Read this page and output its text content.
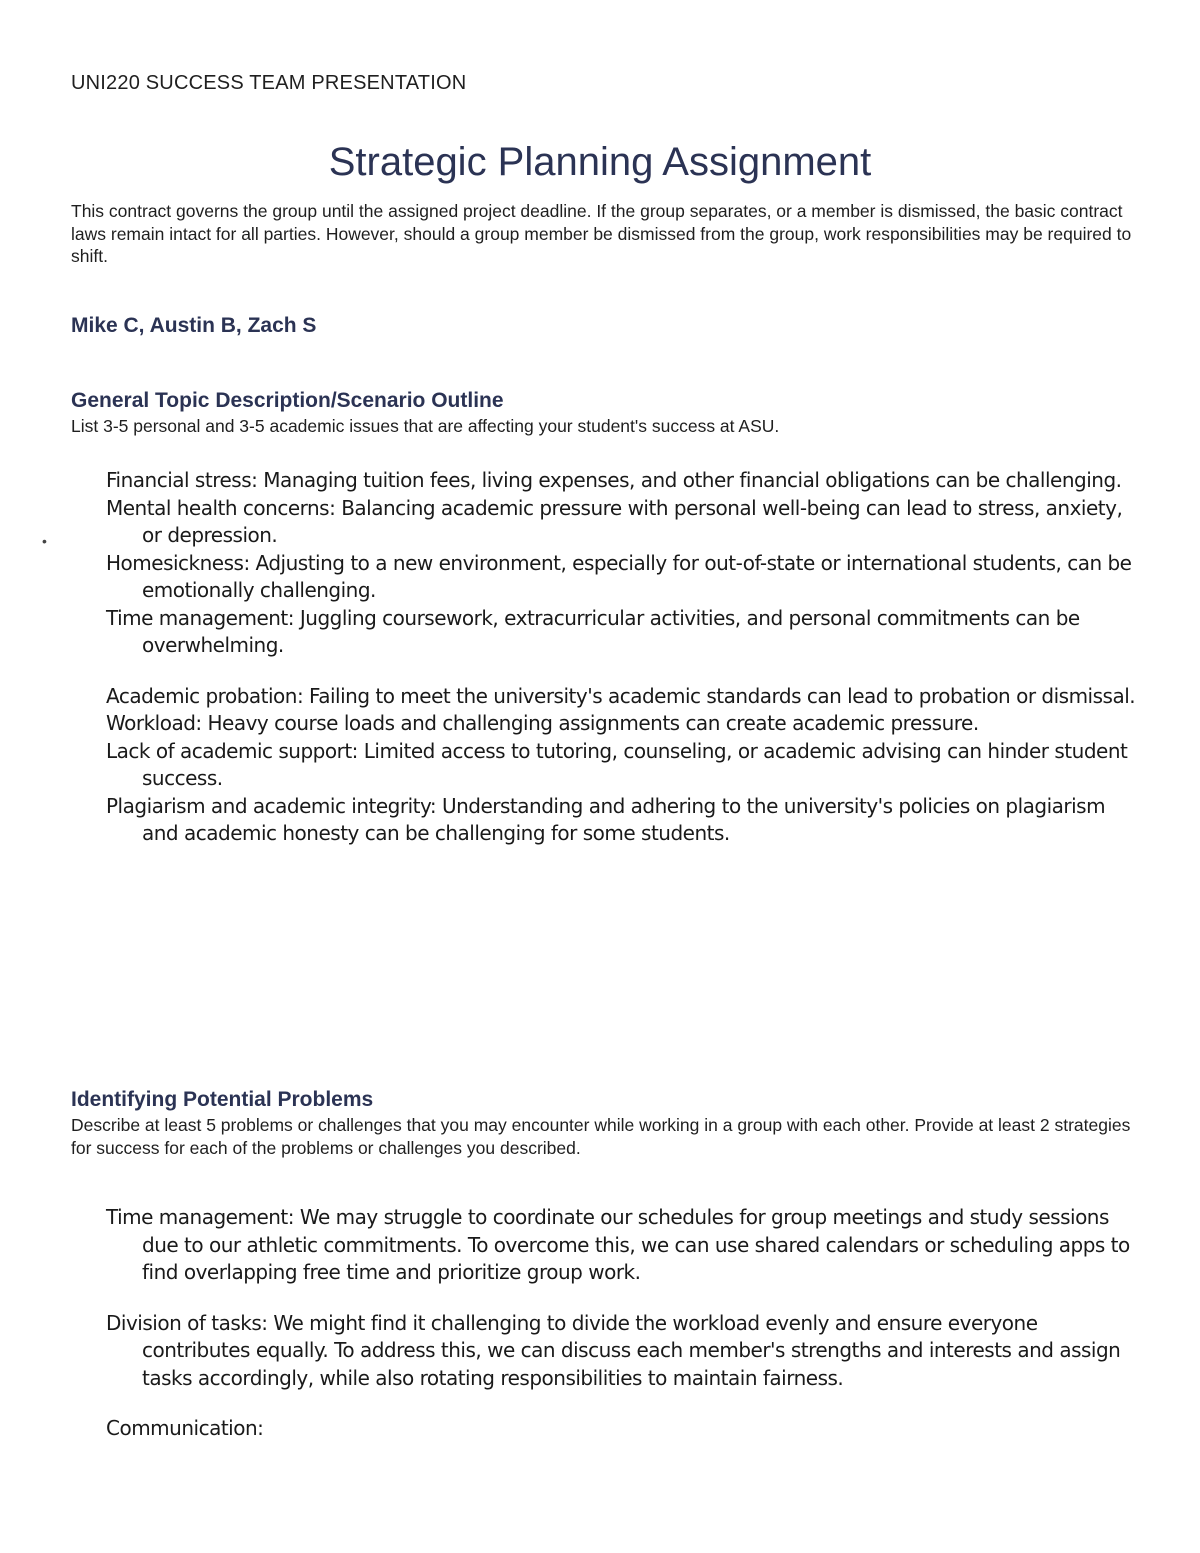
UNI220 SUCCESS TEAM PRESENTATION
Strategic Planning Assignment
This contract governs the group until the assigned project deadline. If the group separates, or a member is dismissed, the basic contract laws remain intact for all parties. However, should a group member be dismissed from the group, work responsibilities may be required to shift.
Mike C, Austin B, Zach S
General Topic Description/Scenario Outline
List 3-5 personal and 3-5 academic issues that are affecting your student's success at ASU.
•
Financial stress: Managing tuition fees, living expenses, and other financial obligations can be challenging.
Mental health concerns: Balancing academic pressure with personal well-being can lead to stress, anxiety, or depression.
Homesickness: Adjusting to a new environment, especially for out-of-state or international students, can be emotionally challenging.
Time management: Juggling coursework, extracurricular activities, and personal commitments can be overwhelming.
Academic probation: Failing to meet the university's academic standards can lead to probation or dismissal.
Workload: Heavy course loads and challenging assignments can create academic pressure.
Lack of academic support: Limited access to tutoring, counseling, or academic advising can hinder student success.
Plagiarism and academic integrity: Understanding and adhering to the university's policies on plagiarism and academic honesty can be challenging for some students.
Identifying Potential Problems
Describe at least 5 problems or challenges that you may encounter while working in a group with each other. Provide at least 2 strategies for success for each of the problems or challenges you described.
Time management: We may struggle to coordinate our schedules for group meetings and study sessions due to our athletic commitments. To overcome this, we can use shared calendars or scheduling apps to find overlapping free time and prioritize group work.
Division of tasks: We might find it challenging to divide the workload evenly and ensure everyone contributes equally. To address this, we can discuss each member's strengths and interests and assign tasks accordingly, while also rotating responsibilities to maintain fairness.
Communication:
